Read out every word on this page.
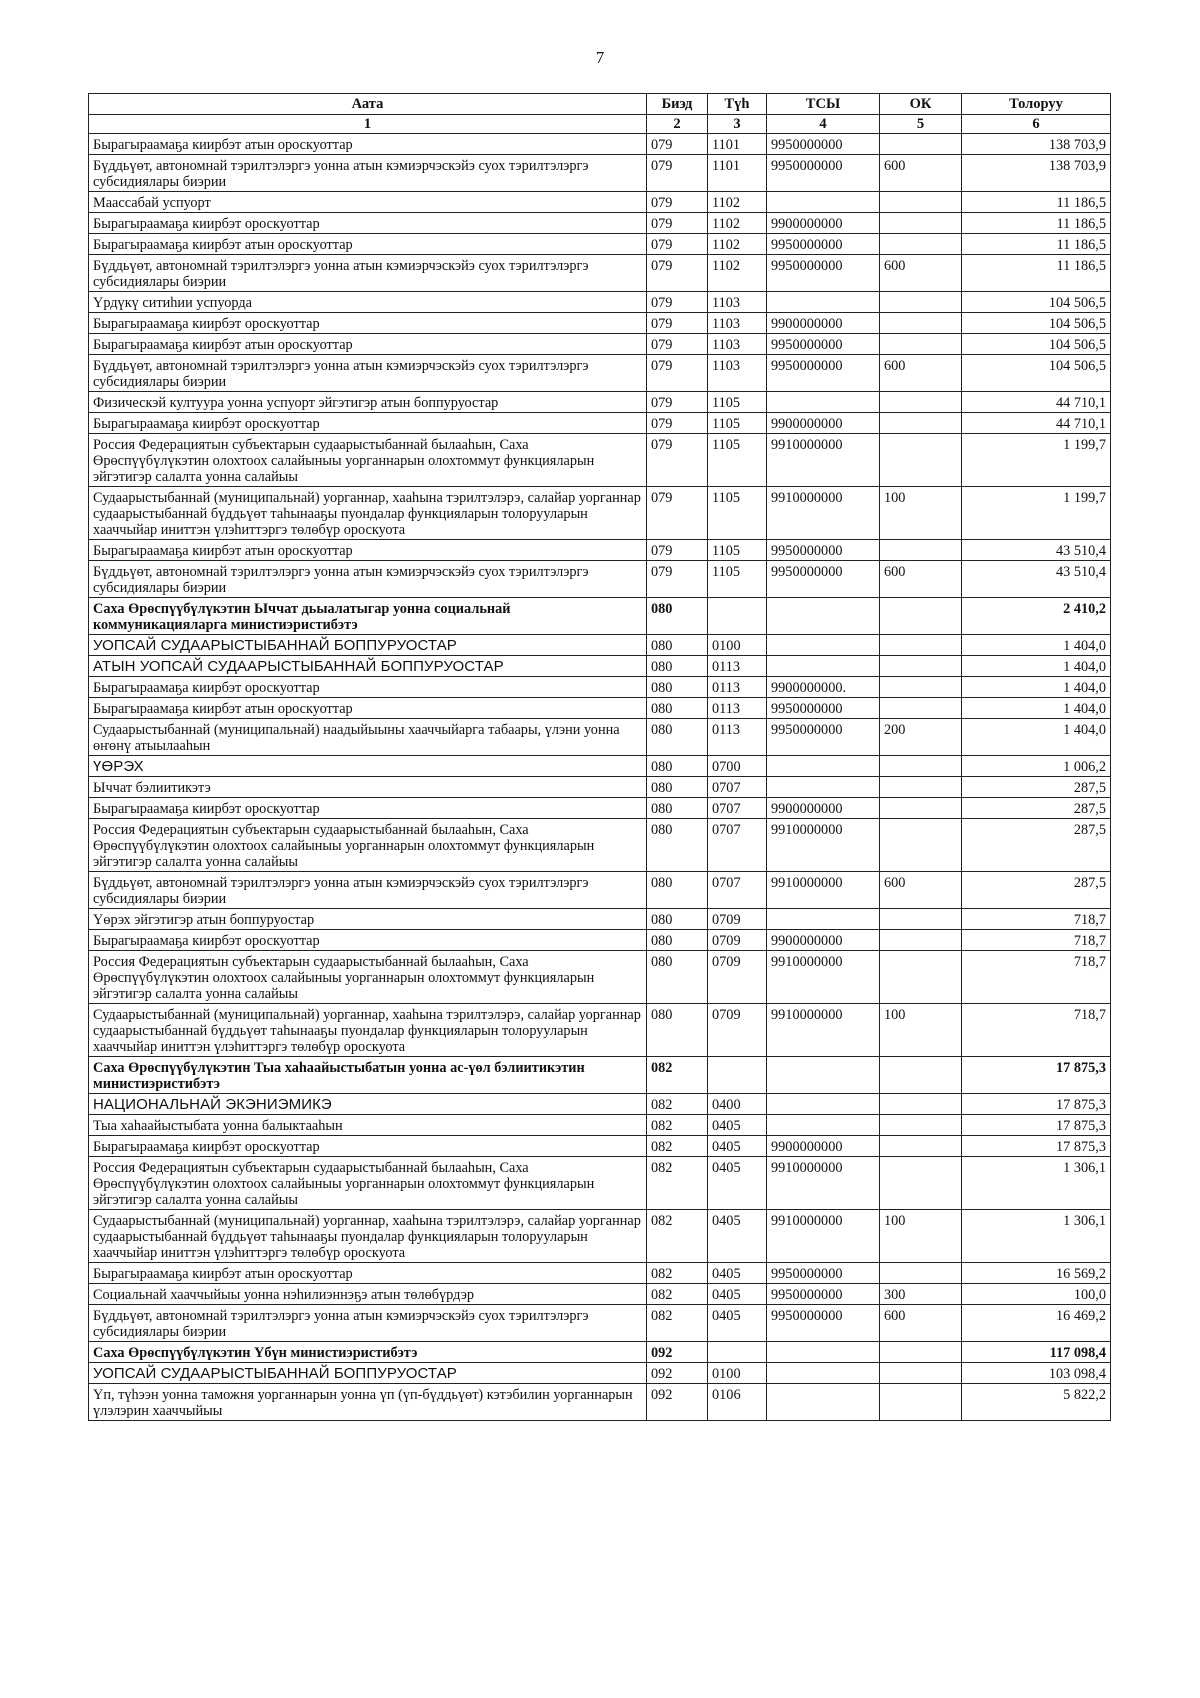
7
Аата	Биэд	Түһ	ТСЫ	ОК	Толоруу
1	2	3	4	5	6
Бырагыраамаҕа киирбэт атын ороскуоттар	079	1101	9950000000		138 703,9
Бүддьүөт, автономнай тэрилтэлэргэ уонна атын кэмиэрчэскэйэ суох тэрилтэлэргэ субсидиялары биэрии	079	1101	9950000000	600	138 703,9
Маассабай успуорт	079	1102			11 186,5
Бырагыраамаҕа киирбэт ороскуоттар	079	1102	9900000000		11 186,5
Бырагыраамаҕа киирбэт атын ороскуоттар	079	1102	9950000000		11 186,5
Бүддьүөт, автономнай тэрилтэлэргэ уонна атын кэмиэрчэскэйэ суох тэрилтэлэргэ субсидиялары биэрии	079	1102	9950000000	600	11 186,5
Үрдүкү ситиһии успуорда	079	1103			104 506,5
Бырагыраамаҕа киирбэт ороскуоттар	079	1103	9900000000		104 506,5
Бырагыраамаҕа киирбэт атын ороскуоттар	079	1103	9950000000		104 506,5
Бүддьүөт, автономнай тэрилтэлэргэ уонна атын кэмиэрчэскэйэ суох тэрилтэлэргэ субсидиялары биэрии	079	1103	9950000000	600	104 506,5
Физическэй култуура уонна успуорт эйгэтигэр атын боппуруостар	079	1105			44 710,1
Бырагыраамаҕа киирбэт ороскуоттар	079	1105	9900000000		44 710,1
Россия Федерациятын субъектарын судаарыстыбаннай былааһын, Саха Өрөспүүбүлүкэтин олохтоох салайыныы уорганнарын олохтоммут функцияларын эйгэтигэр салалта уонна салайыы	079	1105	9910000000		1 199,7
Судаарыстыбаннай (муниципальнай) уорганнар, хааһына тэрилтэлэрэ, салайар уорганнар судаарыстыбаннай бүддьүөт таһынааҕы пуондалар функцияларын толорууларын хааччыйар иниттэн үлэһиттэргэ төлөбүр ороскуота	079	1105	9910000000	100	1 199,7
Бырагыраамаҕа киирбэт атын ороскуоттар	079	1105	9950000000		43 510,4
Бүддьүөт, автономнай тэрилтэлэргэ уонна атын кэмиэрчэскэйэ суох тэрилтэлэргэ субсидиялары биэрии	079	1105	9950000000	600	43 510,4
Саха Өрөспүүбүлүкэтин Ыччат дьыалатыгар уонна социальнай коммуникацияларга министиэристибэтэ	080				2 410,2
УОПСАЙ СУДААРЫСТЫБАННАЙ БОППУРУОСТАР	080	0100			1 404,0
АТЫН УОПСАЙ СУДААРЫСТЫБАННАЙ БОППУРУОСТАР	080	0113			1 404,0
Бырагыраамаҕа киирбэт ороскуоттар	080	0113	9900000000.		1 404,0
Бырагыраамаҕа киирбэт атын ороскуоттар	080	0113	9950000000		1 404,0
Судаарыстыбаннай (муниципальнай) наадыйыыны хааччыйарга табаары, үлэни уонна өҥөнү атыылааһын	080	0113	9950000000	200	1 404,0
ҮӨРЭХ	080	0700			1 006,2
Ыччат бэлиитикэтэ	080	0707			287,5
Бырагыраамаҕа киирбэт ороскуоттар	080	0707	9900000000		287,5
Россия Федерациятын субъектарын судаарыстыбаннай былааһын, Саха Өрөспүүбүлүкэтин олохтоох салайыныы уорганнарын олохтоммут функцияларын эйгэтигэр салалта уонна салайыы	080	0707	9910000000		287,5
Бүддьүөт, автономнай тэрилтэлэргэ уонна атын кэмиэрчэскэйэ суох тэрилтэлэргэ субсидиялары биэрии	080	0707	9910000000	600	287,5
Үөрэх эйгэтигэр атын боппуруостар	080	0709			718,7
Бырагыраамаҕа киирбэт ороскуоттар	080	0709	9900000000		718,7
Россия Федерациятын субъектарын судаарыстыбаннай былааһын, Саха Өрөспүүбүлүкэтин олохтоох салайыныы уорганнарын олохтоммут функцияларын эйгэтигэр салалта уонна салайыы	080	0709	9910000000		718,7
Судаарыстыбаннай (муниципальнай) уорганнар, хааһына тэрилтэлэрэ, салайар уорганнар судаарыстыбаннай бүддьүөт таһынааҕы пуондалар функцияларын толорууларын хааччыйар иниттэн үлэһиттэргэ төлөбүр ороскуота	080	0709	9910000000	100	718,7
Саха Өрөспүүбүлүкэтин Тыа хаһаайыстыбатын уонна ас-үөл бэлиитикэтин министиэристибэтэ	082				17 875,3
НАЦИОНАЛЬНАЙ ЭКЭНИЭМИКЭ	082	0400			17 875,3
Тыа хаһаайыстыбата уонна балыктааһын	082	0405			17 875,3
Бырагыраамаҕа киирбэт ороскуоттар	082	0405	9900000000		17 875,3
Россия Федерациятын субъектарын судаарыстыбаннай былааһын, Саха Өрөспүүбүлүкэтин олохтоох салайыныы уорганнарын олохтоммут функцияларын эйгэтигэр салалта уонна салайыы	082	0405	9910000000		1 306,1
Судаарыстыбаннай (муниципальнай) уорганнар, хааһына тэрилтэлэрэ, салайар уорганнар судаарыстыбаннай бүддьүөт таһынааҕы пуондалар функцияларын толорууларын хааччыйар иниттэн үлэһиттэргэ төлөбүр ороскуота	082	0405	9910000000	100	1 306,1
Бырагыраамаҕа киирбэт атын ороскуоттар	082	0405	9950000000		16 569,2
Социальнай хааччыйыы уонна нэһилиэннэҕэ атын төлөбүрдэр	082	0405	9950000000	300	100,0
Бүддьүөт, автономнай тэрилтэлэргэ уонна атын кэмиэрчэскэйэ суох тэрилтэлэргэ субсидиялары биэрии	082	0405	9950000000	600	16 469,2
Саха Өрөспүүбүлүкэтин Үбүн министиэристибэтэ	092				117 098,4
УОПСАЙ СУДААРЫСТЫБАННАЙ БОППУРУОСТАР	092	0100			103 098,4
Үп, түһээн уонна таможня уорганнарын уонна үп (үп-бүддьүөт) кэтэбилин уорганнарын үлэлэрин хааччыйыы	092	0106			5 822,2
